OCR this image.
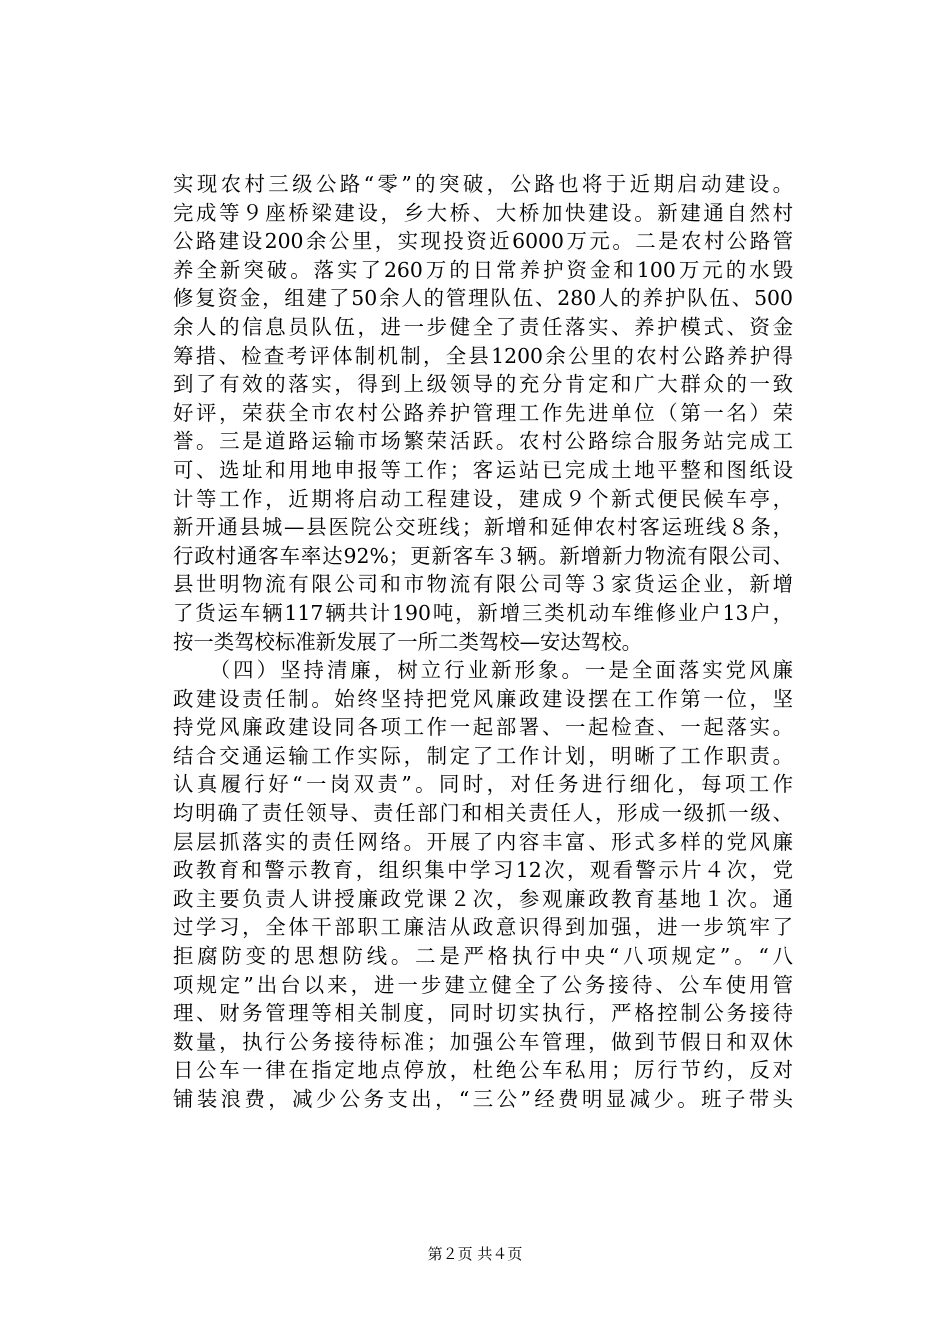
实现农村三级公路“零”的突破，公路也将于近期启动建设。
完成等９座桥梁建设，乡大桥、大桥加快建设。新建通自然村
公路建设200余公里，实现投资近6000万元。二是农村公路管
养全新突破。落实了260万的日常养护资金和100万元的水毁
修复资金，组建了50余人的管理队伍、280人的养护队伍、500
余人的信息员队伍，进一步健全了责任落实、养护模式、资金
筹措、检查考评体制机制，全县1200余公里的农村公路养护得
到了有效的落实，得到上级领导的充分肯定和广大群众的一致
好评，荣获全市农村公路养护管理工作先进单位（第一名）荣
誉。三是道路运输市场繁荣活跃。农村公路综合服务站完成工
可、选址和用地申报等工作；客运站已完成土地平整和图纸设
计等工作，近期将启动工程建设，建成９个新式便民候车亭，
新开通县城—县医院公交班线；新增和延伸农村客运班线８条，
行政村通客车率达92%；更新客车３辆。新增新力物流有限公司、
县世明物流有限公司和市物流有限公司等３家货运企业，新增
了货运车辆117辆共计190吨，新增三类机动车维修业户13户，
按一类驾校标准新发展了一所二类驾校—安达驾校。
　　（四）坚持清廉，树立行业新形象。一是全面落实党风廉
政建设责任制。始终坚持把党风廉政建设摆在工作第一位，坚
持党风廉政建设同各项工作一起部署、一起检查、一起落实。
结合交通运输工作实际，制定了工作计划，明晰了工作职责。
认真履行好“一岗双责”。同时，对任务进行细化，每项工作
均明确了责任领导、责任部门和相关责任人，形成一级抓一级、
层层抓落实的责任网络。开展了内容丰富、形式多样的党风廉
政教育和警示教育，组织集中学习12次，观看警示片４次，党
政主要负责人讲授廉政党课２次，参观廉政教育基地１次。通
过学习，全体干部职工廉洁从政意识得到加强，进一步筑牢了
拒腐防变的思想防线。二是严格执行中央“八项规定”。“八
项规定”出台以来，进一步建立健全了公务接待、公车使用管
理、财务管理等相关制度，同时切实执行，严格控制公务接待
数量，执行公务接待标准；加强公车管理，做到节假日和双休
日公车一律在指定地点停放，杜绝公车私用；厉行节约，反对
铺装浪费，减少公务支出，“三公”经费明显减少。班子带头
第２页 共４页
